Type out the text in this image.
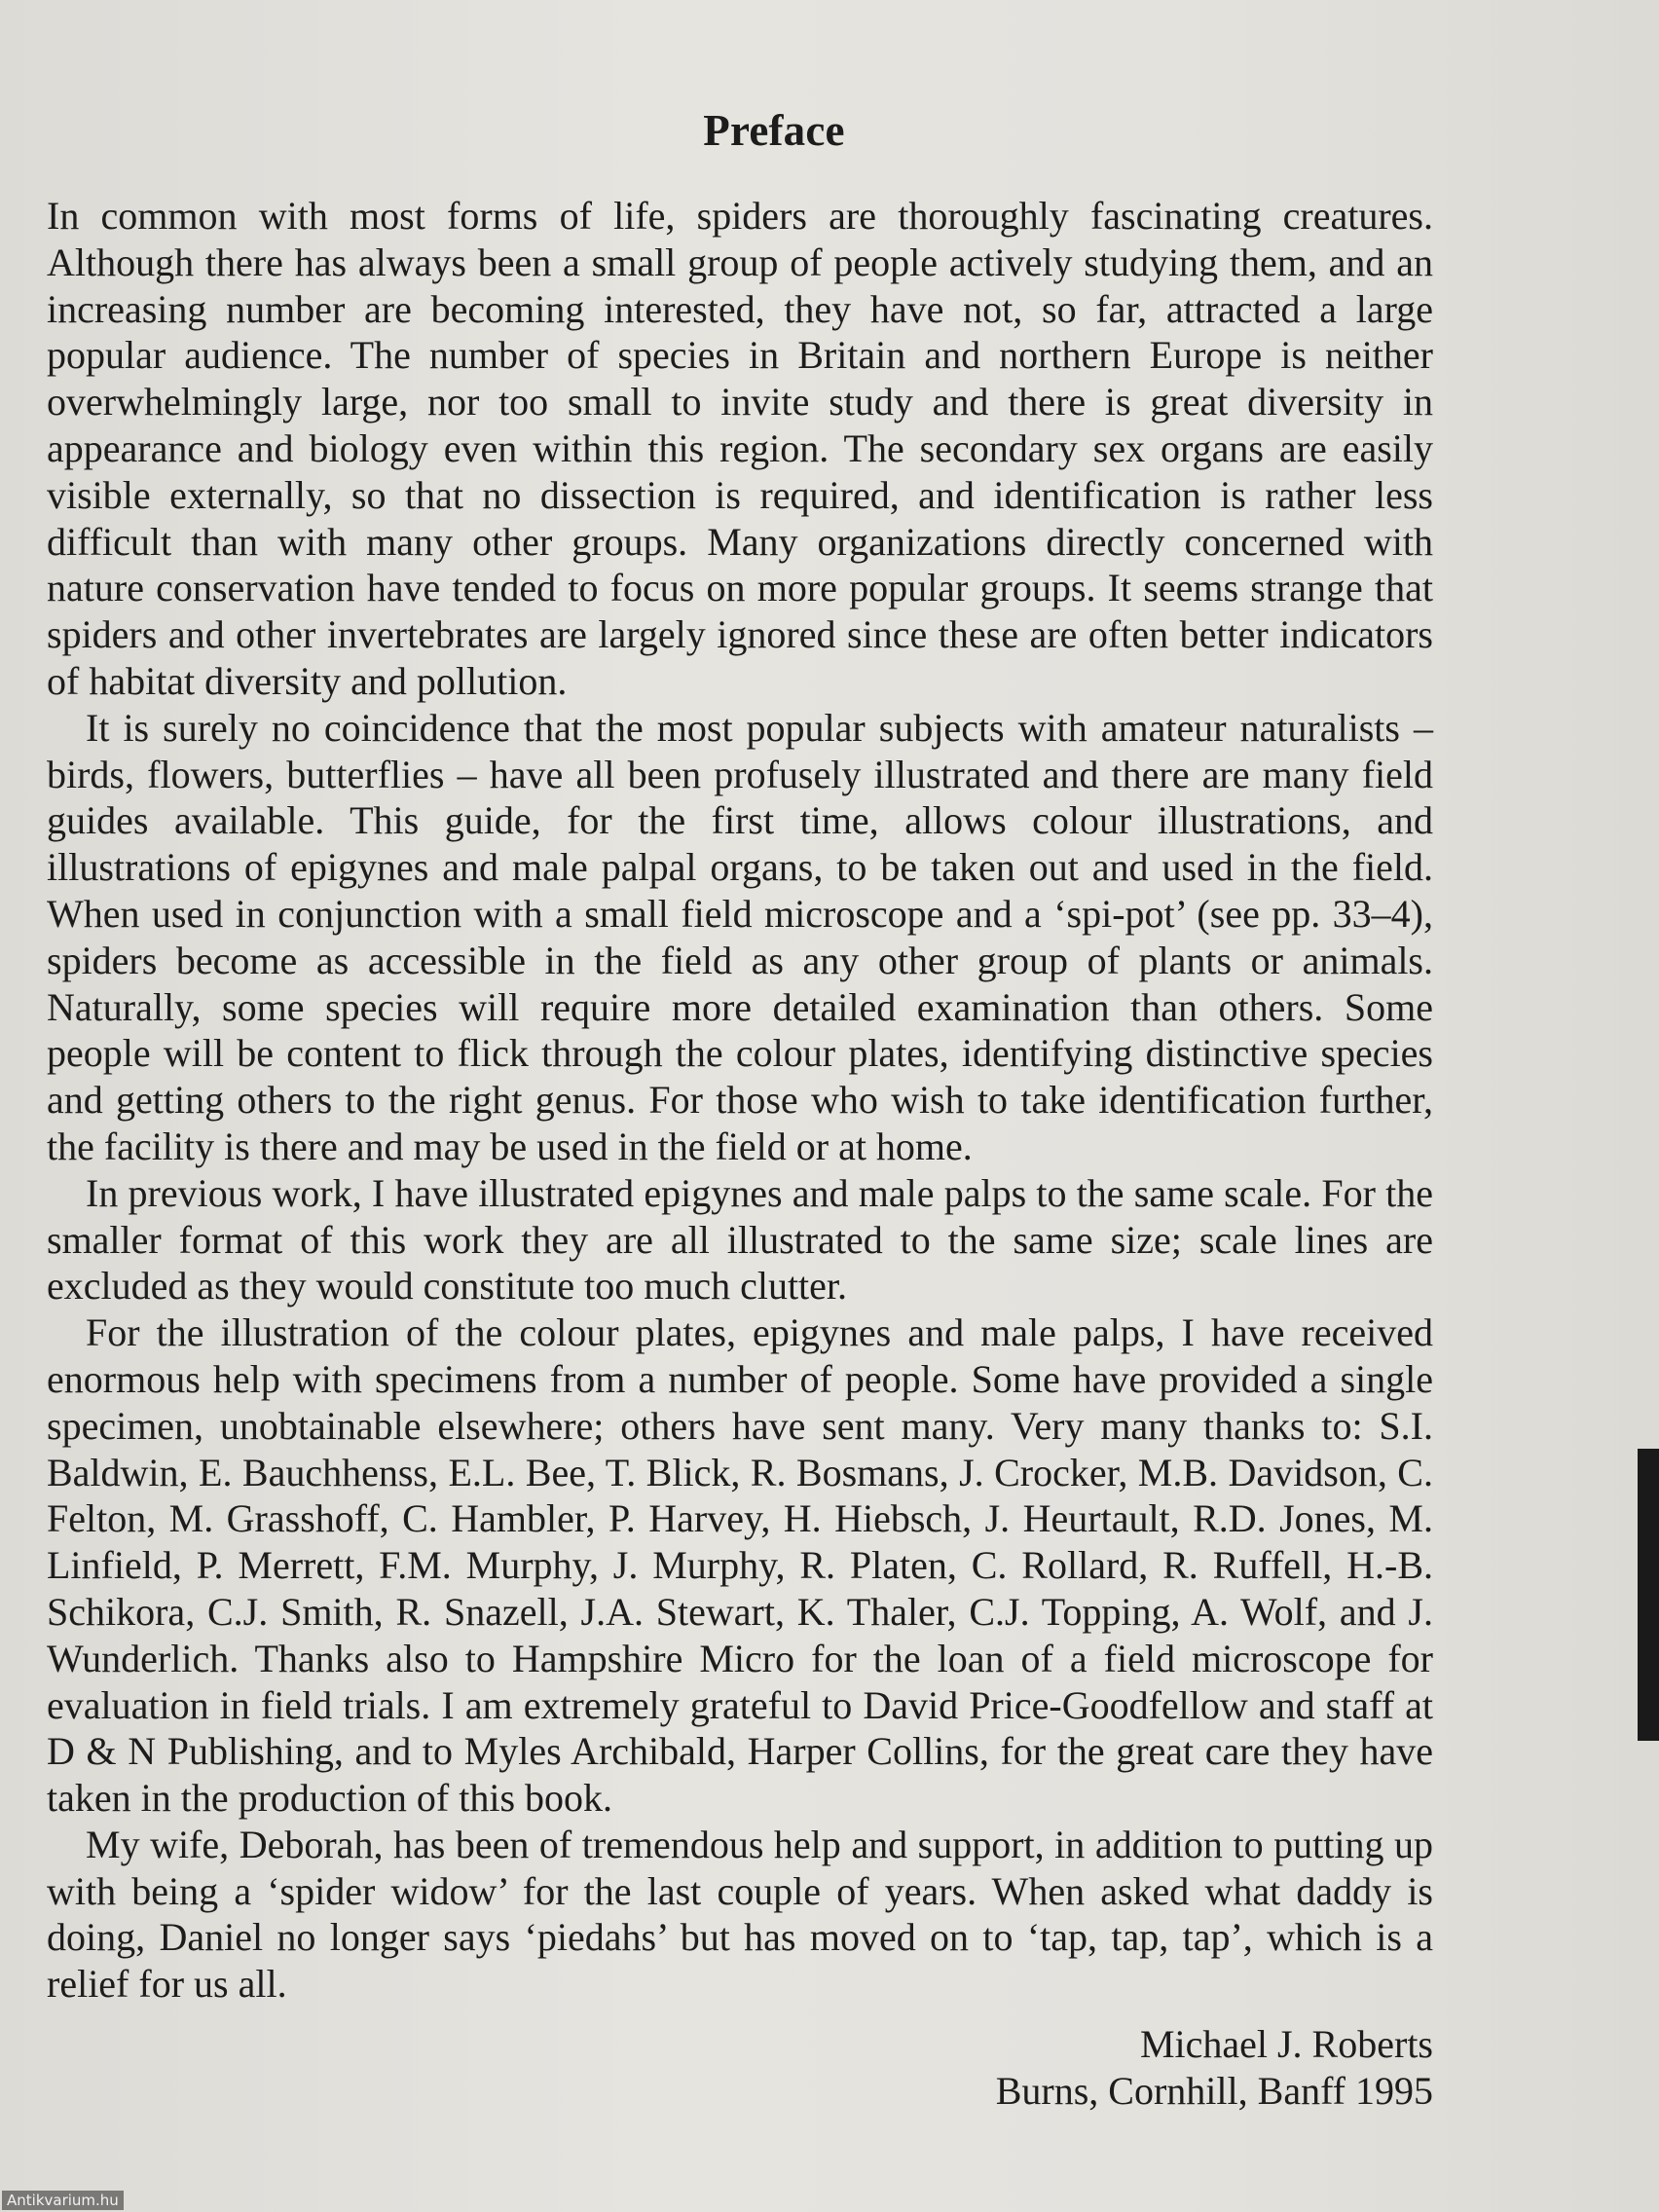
Preface

In common with most forms of life, spiders are thoroughly fascinating creatures. Although there has always been a small group of people actively studying them, and an increasing number are becoming interested, they have not, so far, attracted a large popular audience. The number of species in Britain and northern Europe is neither overwhelmingly large, nor too small to invite study and there is great diversity in appearance and biology even within this region. The secondary sex organs are easily visible externally, so that no dissection is required, and identification is rather less difficult than with many other groups. Many organizations directly concerned with nature conservation have tended to focus on more popular groups. It seems strange that spiders and other invertebrates are largely ignored since these are often better indicators of habitat diversity and pollution.

It is surely no coincidence that the most popular subjects with amateur naturalists – birds, flowers, butterflies – have all been profusely illustrated and there are many field guides available. This guide, for the first time, allows colour illustrations, and illustrations of epigynes and male palpal organs, to be taken out and used in the field. When used in conjunction with a small field microscope and a ‘spi-pot’ (see pp. 33–4), spiders become as accessible in the field as any other group of plants or animals. Naturally, some species will require more detailed examination than others. Some people will be content to flick through the colour plates, identifying distinctive species and getting others to the right genus. For those who wish to take identification further, the facility is there and may be used in the field or at home.

In previous work, I have illustrated epigynes and male palps to the same scale. For the smaller format of this work they are all illustrated to the same size; scale lines are excluded as they would constitute too much clutter.

For the illustration of the colour plates, epigynes and male palps, I have received enormous help with specimens from a number of people. Some have provided a single specimen, unobtainable elsewhere; others have sent many. Very many thanks to: S.I. Baldwin, E. Bauchhenss, E.L. Bee, T. Blick, R. Bosmans, J. Crocker, M.B. Davidson, C. Felton, M. Grasshoff, C. Hambler, P. Harvey, H. Hiebsch, J. Heurtault, R.D. Jones, M. Linfield, P. Merrett, F.M. Murphy, J. Murphy, R. Platen, C. Rollard, R. Ruffell, H.-B. Schikora, C.J. Smith, R. Snazell, J.A. Stewart, K. Thaler, C.J. Topping, A. Wolf, and J. Wunderlich. Thanks also to Hampshire Micro for the loan of a field microscope for evaluation in field trials. I am extremely grateful to David Price-Goodfellow and staff at D & N Publishing, and to Myles Archibald, Harper Collins, for the great care they have taken in the production of this book.

My wife, Deborah, has been of tremendous help and support, in addition to putting up with being a ‘spider widow’ for the last couple of years. When asked what daddy is doing, Daniel no longer says ‘piedahs’ but has moved on to ‘tap, tap, tap’, which is a relief for us all.

Michael J. Roberts
Burns, Cornhill, Banff 1995
Antikvarium.hu
